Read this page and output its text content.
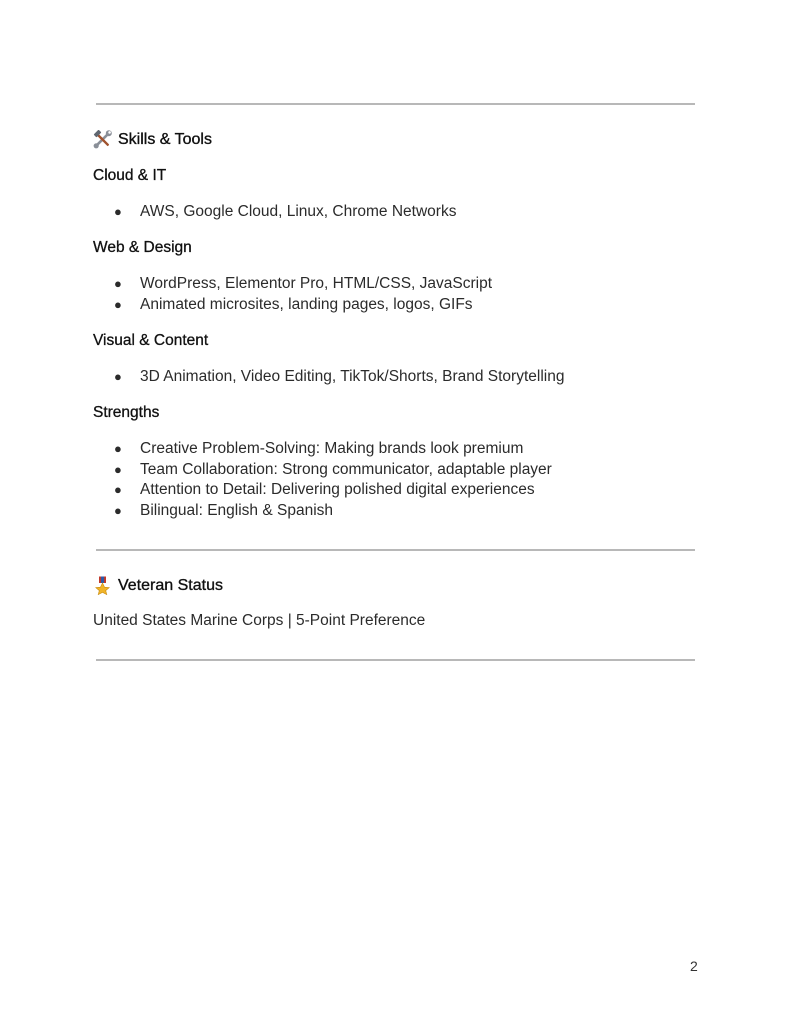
Skills & Tools
Cloud & IT
● AWS, Google Cloud, Linux, Chrome Networks
Web & Design
● WordPress, Elementor Pro, HTML/CSS, JavaScript
● Animated microsites, landing pages, logos, GIFs
Visual & Content
● 3D Animation, Video Editing, TikTok/Shorts, Brand Storytelling
Strengths
● Creative Problem-Solving: Making brands look premium
● Team Collaboration: Strong communicator, adaptable player
● Attention to Detail: Delivering polished digital experiences
● Bilingual: English & Spanish
Veteran Status
United States Marine Corps | 5-Point Preference
2
